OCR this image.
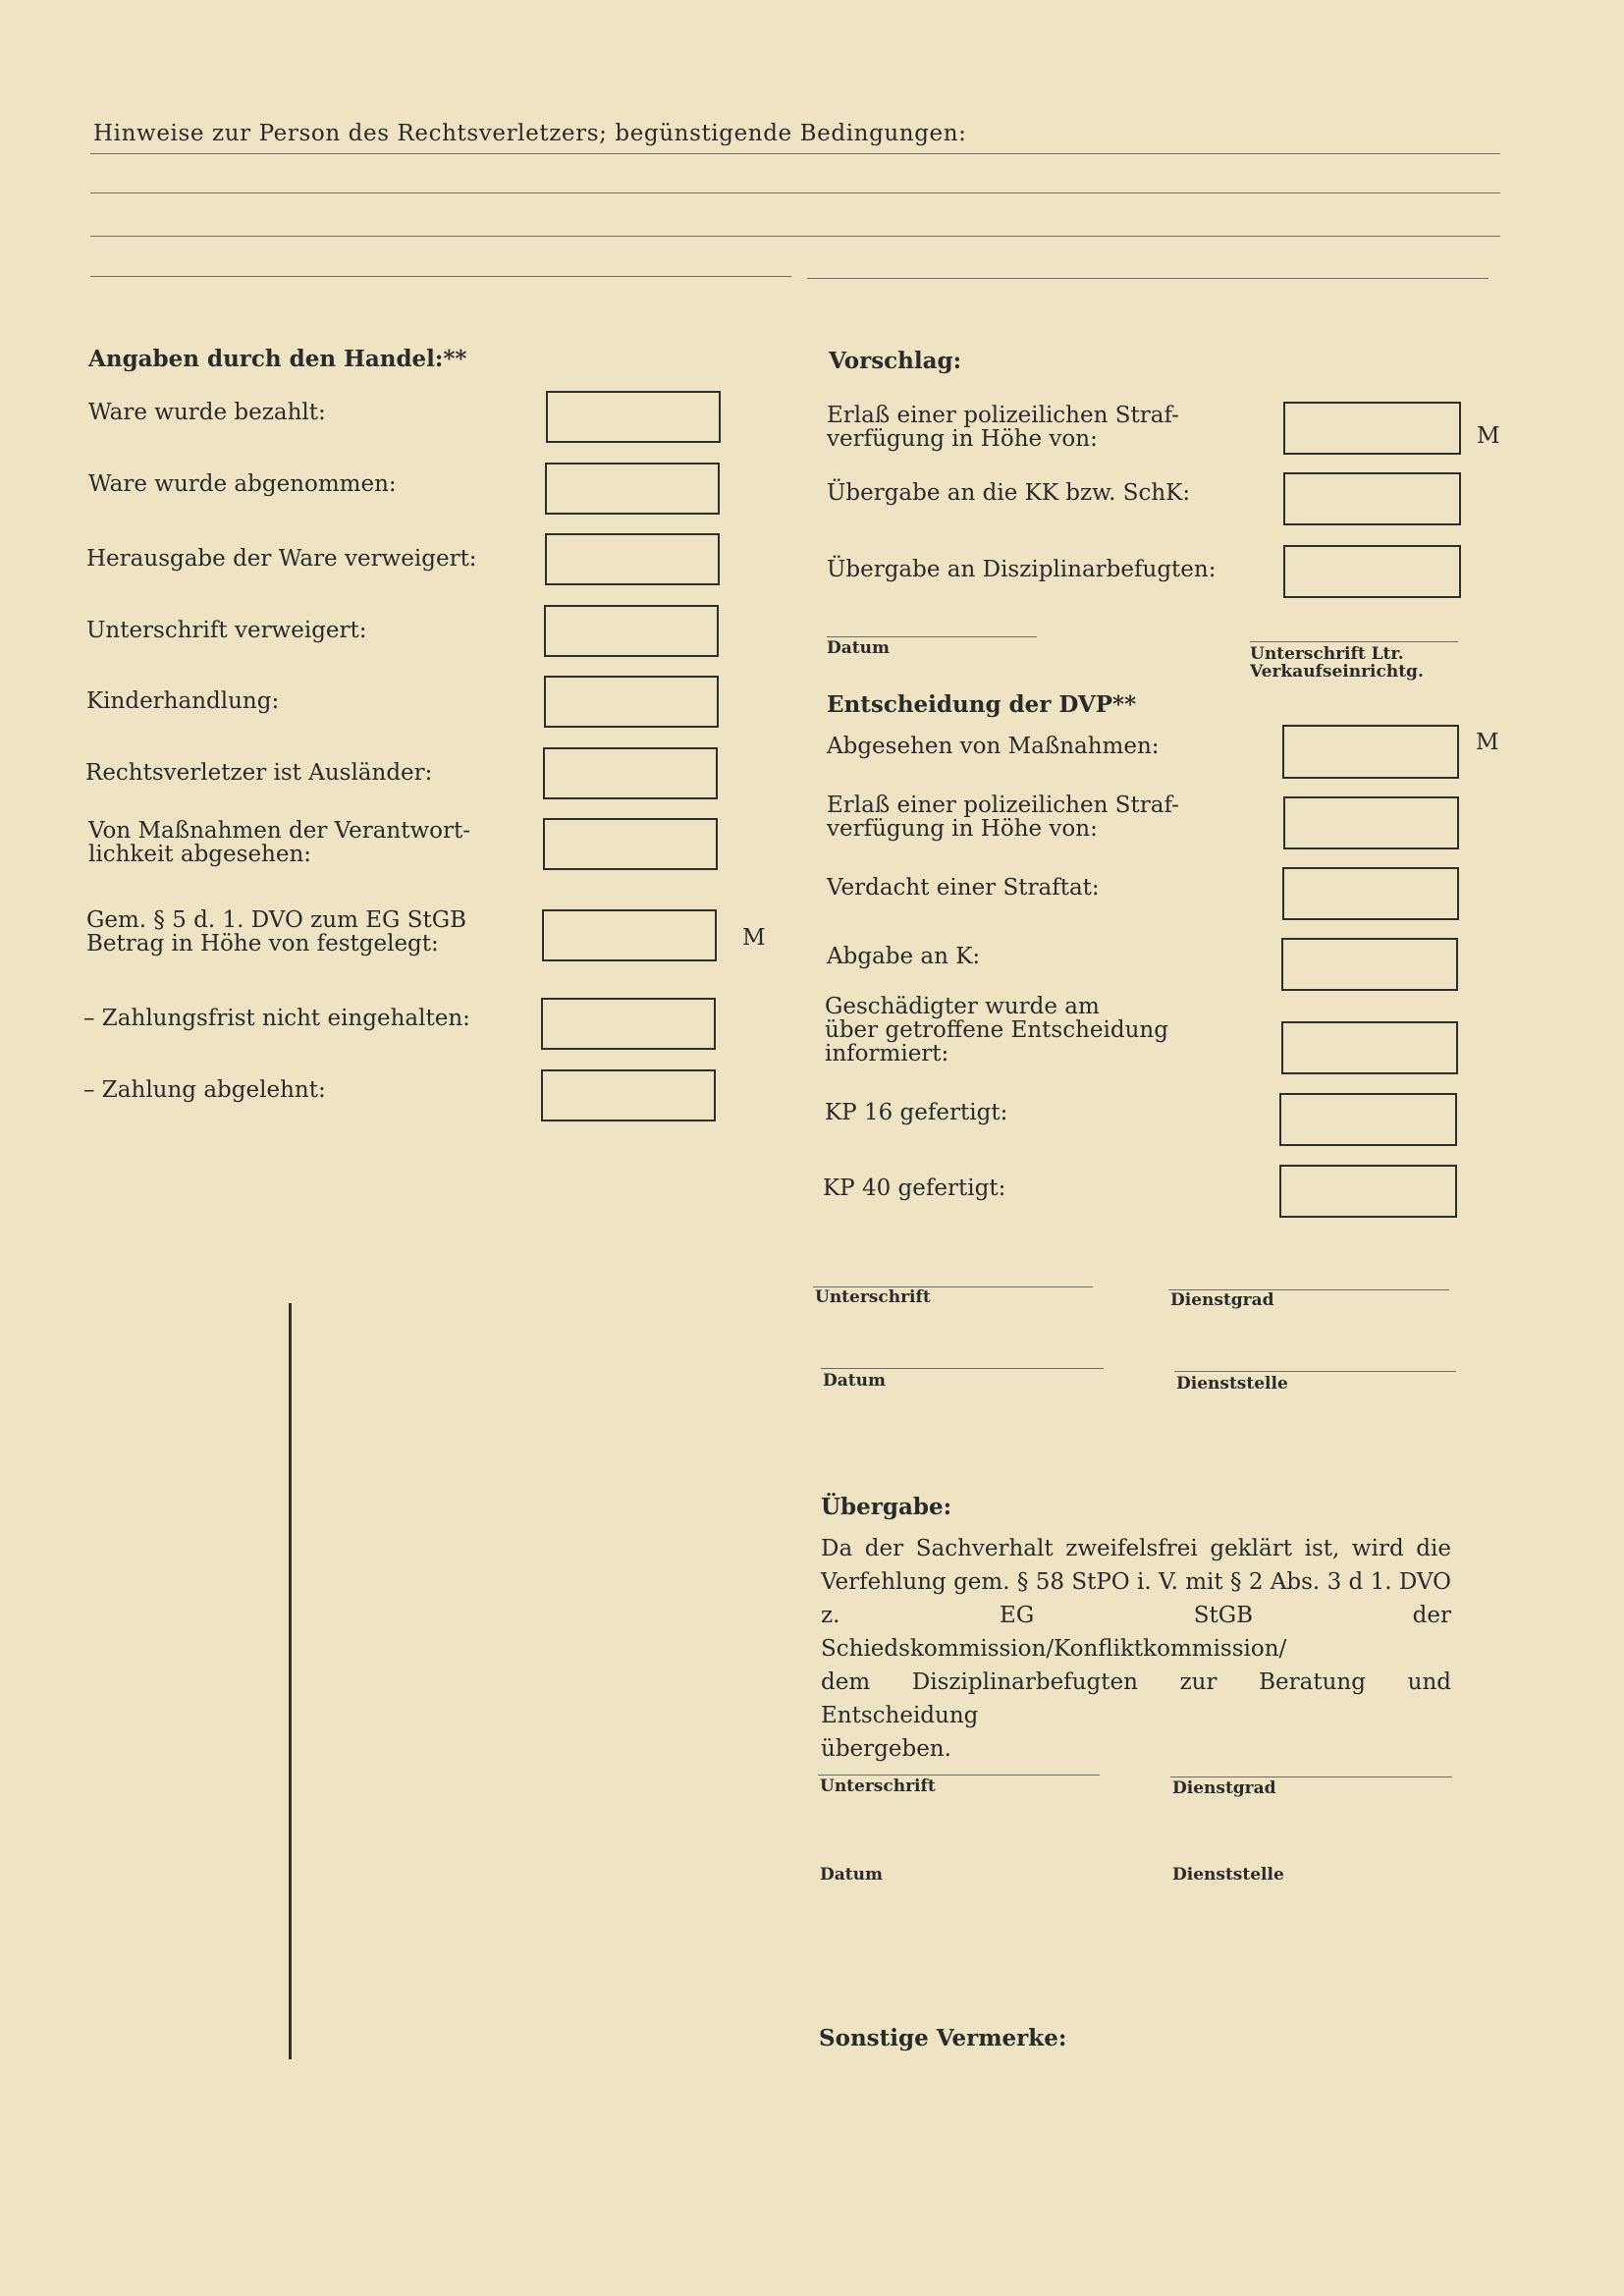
Hinweise zur Person des Rechtsverletzers; begünstigende Bedingungen:
Angaben durch den Handel:**
Ware wurde bezahlt:
Ware wurde abgenommen:
Herausgabe der Ware verweigert:
Unterschrift verweigert:
Kinderhandlung:
Rechtsverletzer ist Ausländer:
Von Maßnahmen der Verantwort-
lichkeit abgesehen:
Gem. § 5 d. 1. DVO zum EG StGB
Betrag in Höhe von festgelegt:	M
– Zahlungsfrist nicht eingehalten:
– Zahlung abgelehnt:
Vorschlag:
Erlaß einer polizeilichen Straf-
verfügung in Höhe von:	M
Übergabe an die KK bzw. SchK:
Übergabe an Disziplinarbefugten:
Datum	Unterschrift Ltr.
Verkaufseinrichtg.
Entscheidung der DVP**
Abgesehen von Maßnahmen:	M
Erlaß einer polizeilichen Straf-
verfügung in Höhe von:
Verdacht einer Straftat:
Abgabe an K:
Geschädigter wurde am
über getroffene Entscheidung
informiert:
KP 16 gefertigt:
KP 40 gefertigt:
Unterschrift	Dienstgrad
Datum	Dienststelle
Übergabe:
Da der Sachverhalt zweifelsfrei geklärt ist, wird die
Verfehlung gem. § 58 StPO i. V. mit § 2 Abs. 3 d 1. DVO
z. EG StGB der Schiedskommission/Konfliktkommission/
dem Disziplinarbefugten zur Beratung und Entscheidung
übergeben.
Unterschrift	Dienstgrad
Datum	Dienststelle
Sonstige Vermerke:
